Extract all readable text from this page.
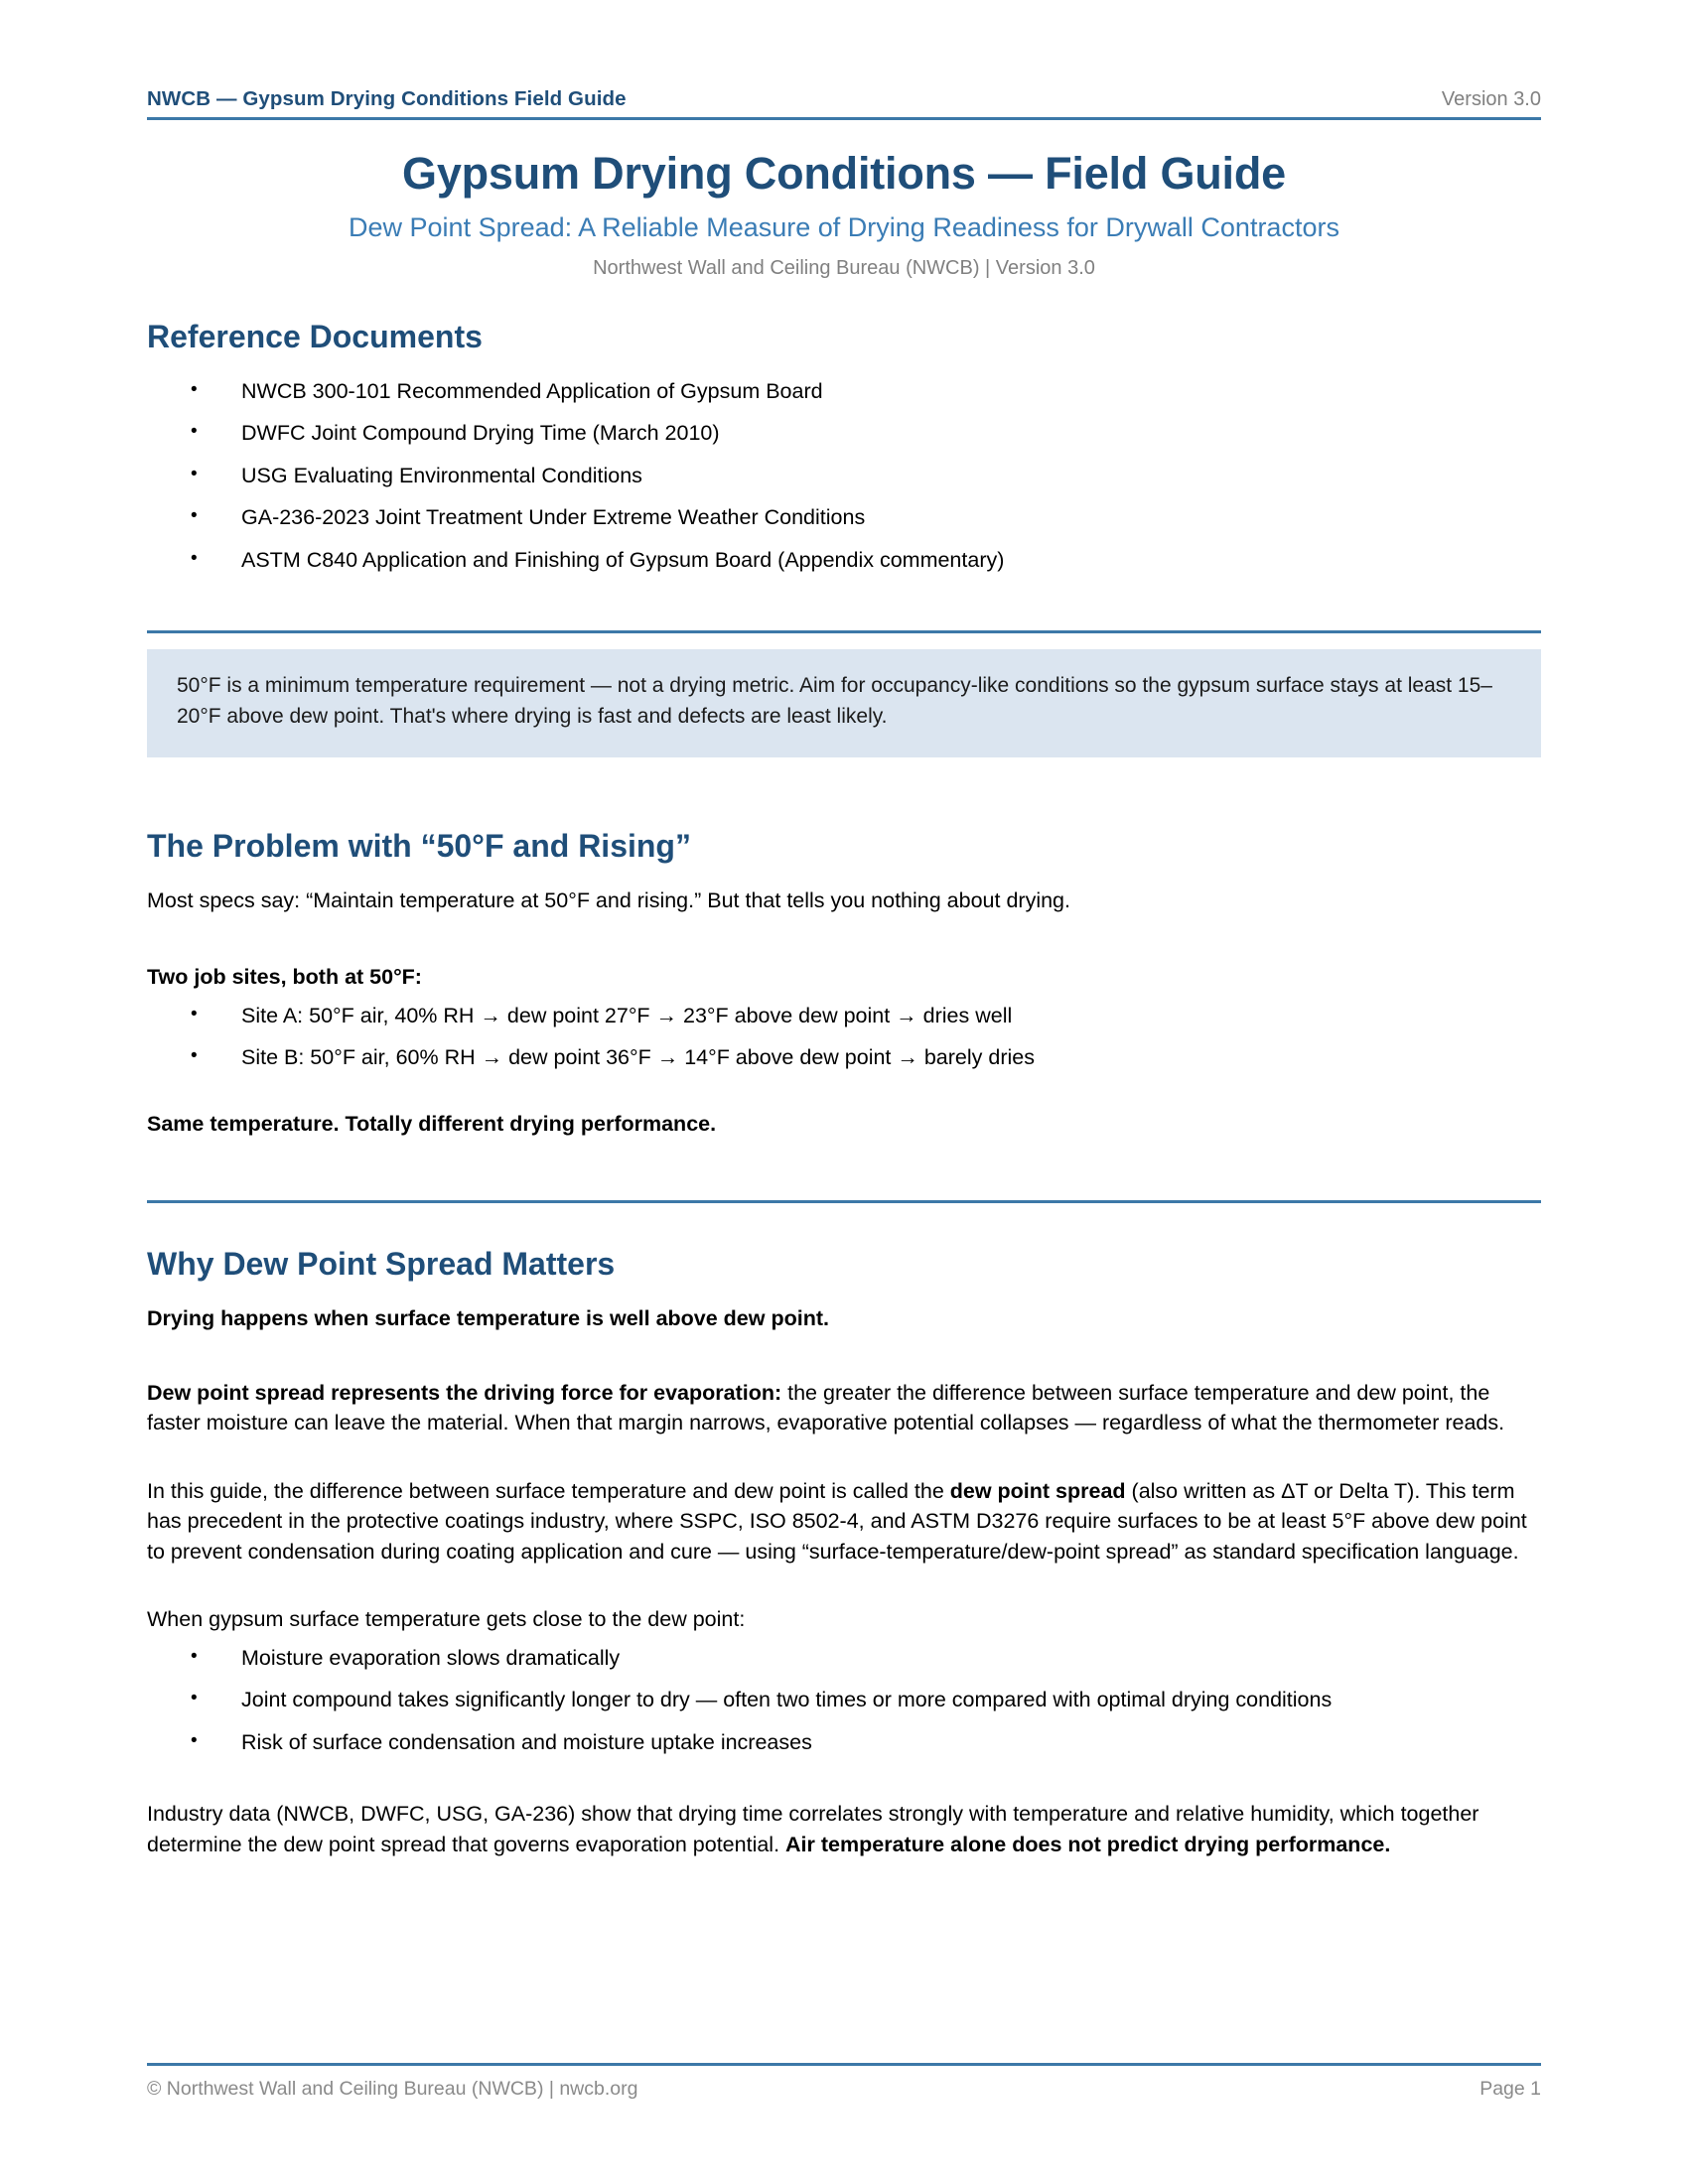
NWCB — Gypsum Drying Conditions Field Guide	Version 3.0
Gypsum Drying Conditions — Field Guide
Dew Point Spread: A Reliable Measure of Drying Readiness for Drywall Contractors
Northwest Wall and Ceiling Bureau (NWCB) | Version 3.0
Reference Documents
• NWCB 300-101 Recommended Application of Gypsum Board
• DWFC Joint Compound Drying Time (March 2010)
• USG Evaluating Environmental Conditions
• GA-236-2023 Joint Treatment Under Extreme Weather Conditions
• ASTM C840 Application and Finishing of Gypsum Board (Appendix commentary)

50°F is a minimum temperature requirement — not a drying metric. Aim for occupancy-like conditions so the gypsum surface stays at least 15–20°F above dew point. That's where drying is fast and defects are least likely.

The Problem with “50°F and Rising”

Most specs say: “Maintain temperature at 50°F and rising.” But that tells you nothing about drying.

Two job sites, both at 50°F:

• Site A: 50°F air, 40% RH → dew point 27°F → 23°F above dew point → dries well
• Site B: 50°F air, 60% RH → dew point 36°F → 14°F above dew point → barely dries

Same temperature. Totally different drying performance.

Why Dew Point Spread Matters

Drying happens when surface temperature is well above dew point.

Dew point spread represents the driving force for evaporation: the greater the difference between surface temperature and dew point, the faster moisture can leave the material. When that margin narrows, evaporative potential collapses — regardless of what the thermometer reads.

In this guide, the difference between surface temperature and dew point is called the dew point spread (also written as ΔT or Delta T). This term has precedent in the protective coatings industry, where SSPC, ISO 8502-4, and ASTM D3276 require surfaces to be at least 5°F above dew point to prevent condensation during coating application and cure — using “surface-temperature/dew-point spread” as standard specification language.

When gypsum surface temperature gets close to the dew point:

• Moisture evaporation slows dramatically
• Joint compound takes significantly longer to dry — often two times or more compared with optimal drying conditions
• Risk of surface condensation and moisture uptake increases

Industry data (NWCB, DWFC, USG, GA-236) show that drying time correlates strongly with temperature and relative humidity, which together determine the dew point spread that governs evaporation potential. Air temperature alone does not predict drying performance.

© Northwest Wall and Ceiling Bureau (NWCB) | nwcb.org	Page 1
